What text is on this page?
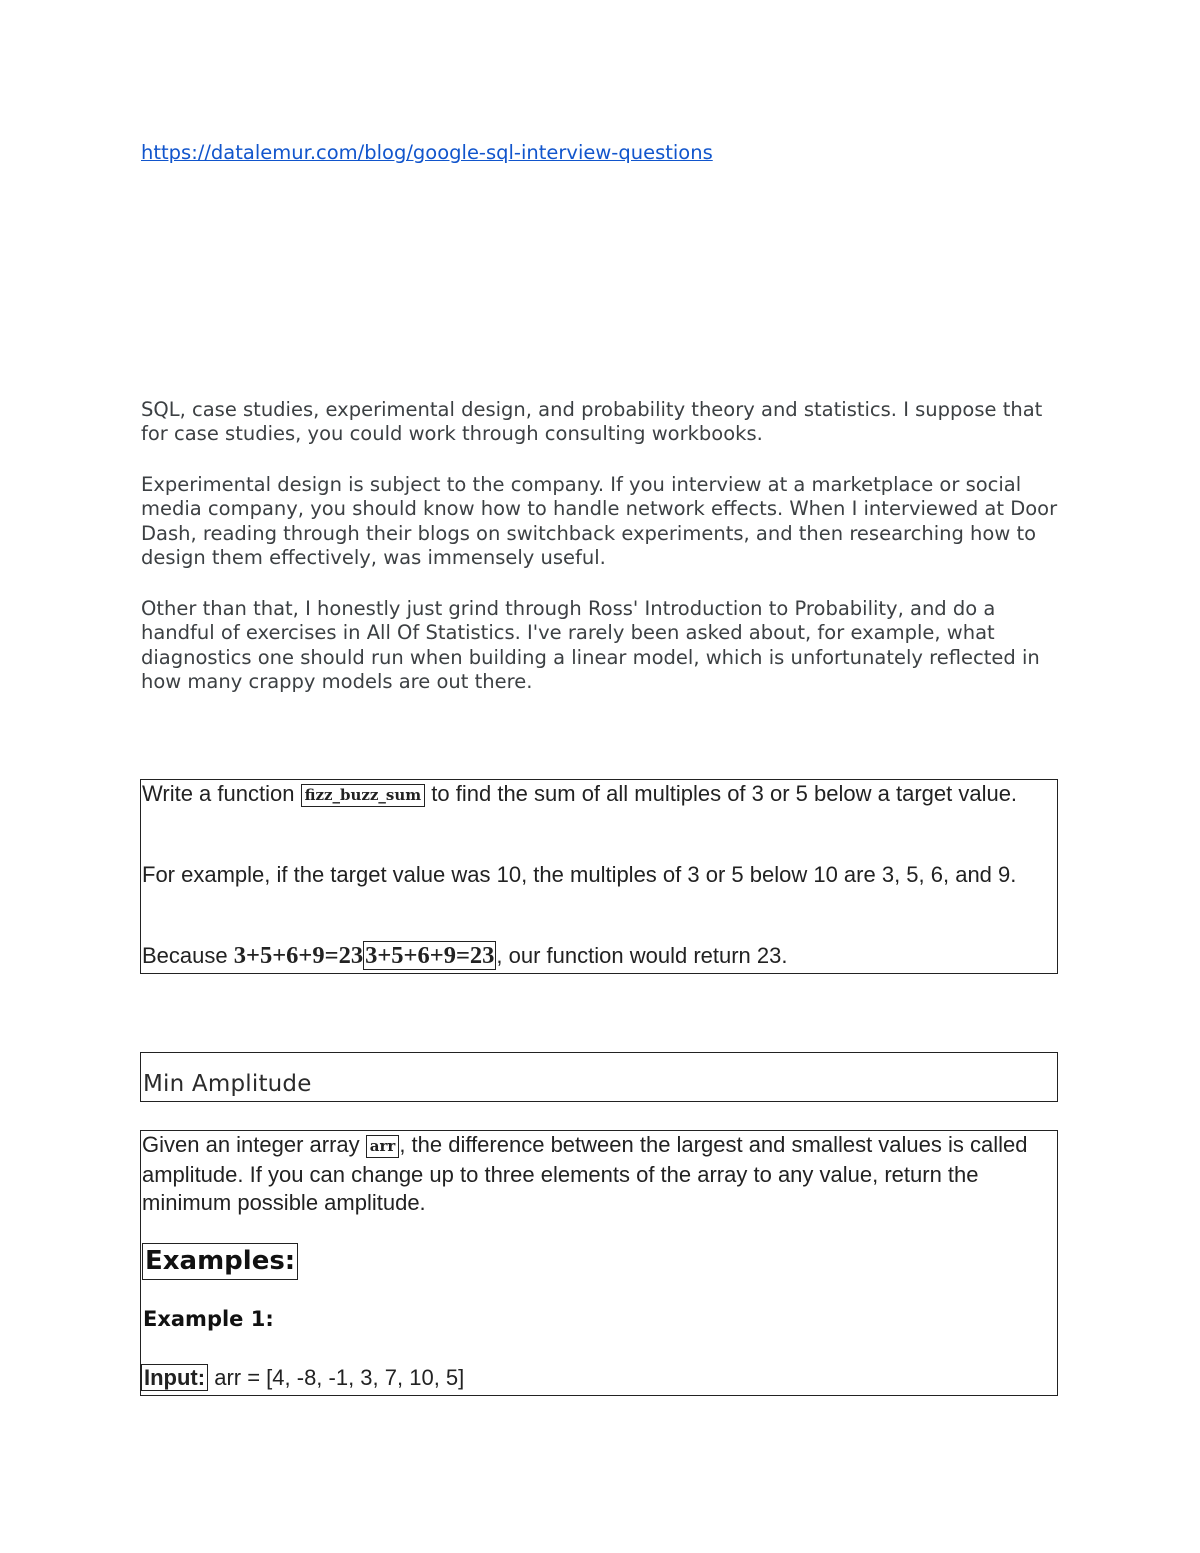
https://datalemur.com/blog/google-sql-interview-questions

SQL, case studies, experimental design, and probability theory and statistics. I suppose that for case studies, you could work through consulting workbooks.

Experimental design is subject to the company. If you interview at a marketplace or social media company, you should know how to handle network effects. When I interviewed at Door Dash, reading through their blogs on switchback experiments, and then researching how to design them effectively, was immensely useful.

Other than that, I honestly just grind through Ross' Introduction to Probability, and do a handful of exercises in All Of Statistics. I've rarely been asked about, for example, what diagnostics one should run when building a linear model, which is unfortunately reflected in how many crappy models are out there.

Write a function fizz_buzz_sum to find the sum of all multiples of 3 or 5 below a target value.

For example, if the target value was 10, the multiples of 3 or 5 below 10 are 3, 5, 6, and 9.

Because 3+5+6+9=233+5+6+9=23, our function would return 23.

Min Amplitude

Given an integer array arr , the difference between the largest and smallest values is called amplitude. If you can change up to three elements of the array to any value, return the minimum possible amplitude.

Examples:
Example 1:

Input: arr = [4, -8, -1, 3, 7, 10, 5]
